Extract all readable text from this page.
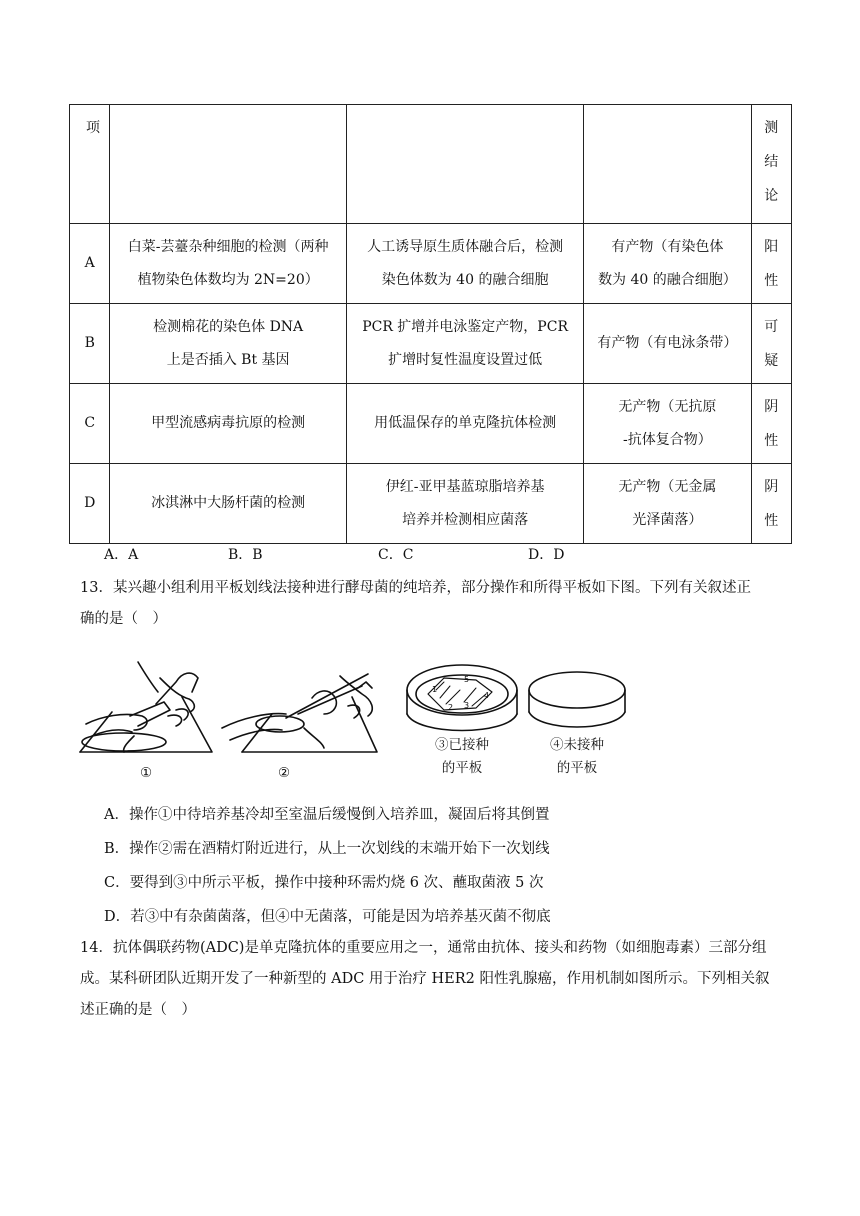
项				测结论
A	白菜-芸薹杂种细胞的检测（两种
植物染色体数均为 2N=20）	人工诱导原生质体融合后，检测
染色体数为 40 的融合细胞	有产物（有染色体
数为 40 的融合细胞）	阳性
B	检测棉花的染色体 DNA
上是否插入 Bt 基因	PCR 扩增并电泳鉴定产物，PCR
扩增时复性温度设置过低	有产物（有电泳条带）	可疑
C	甲型流感病毒抗原的检测	用低温保存的单克隆抗体检测	无产物（无抗原
-抗体复合物）	阴性
D	冰淇淋中大肠杆菌的检测	伊红-亚甲基蓝琼脂培养基
培养并检测相应菌落	无产物（无金属
光泽菌落）	阴性
A．A	B．B	C．C	D．D
13．某兴趣小组利用平板划线法接种进行酵母菌的纯培养，部分操作和所得平板如下图。下列有关叙述正
确的是（　）
1
2 3
4
5
①	②
③已接种
的平板
④未接种
的平板
A．操作①中待培养基冷却至室温后缓慢倒入培养皿，凝固后将其倒置
B．操作②需在酒精灯附近进行，从上一次划线的末端开始下一次划线
C．要得到③中所示平板，操作中接种环需灼烧 6 次、蘸取菌液 5 次
D．若③中有杂菌菌落，但④中无菌落，可能是因为培养基灭菌不彻底
14．抗体偶联药物(ADC)是单克隆抗体的重要应用之一，通常由抗体、接头和药物（如细胞毒素）三部分组
成。某科研团队近期开发了一种新型的 ADC 用于治疗 HER2 阳性乳腺癌，作用机制如图所示。下列相关叙
述正确的是（　）
